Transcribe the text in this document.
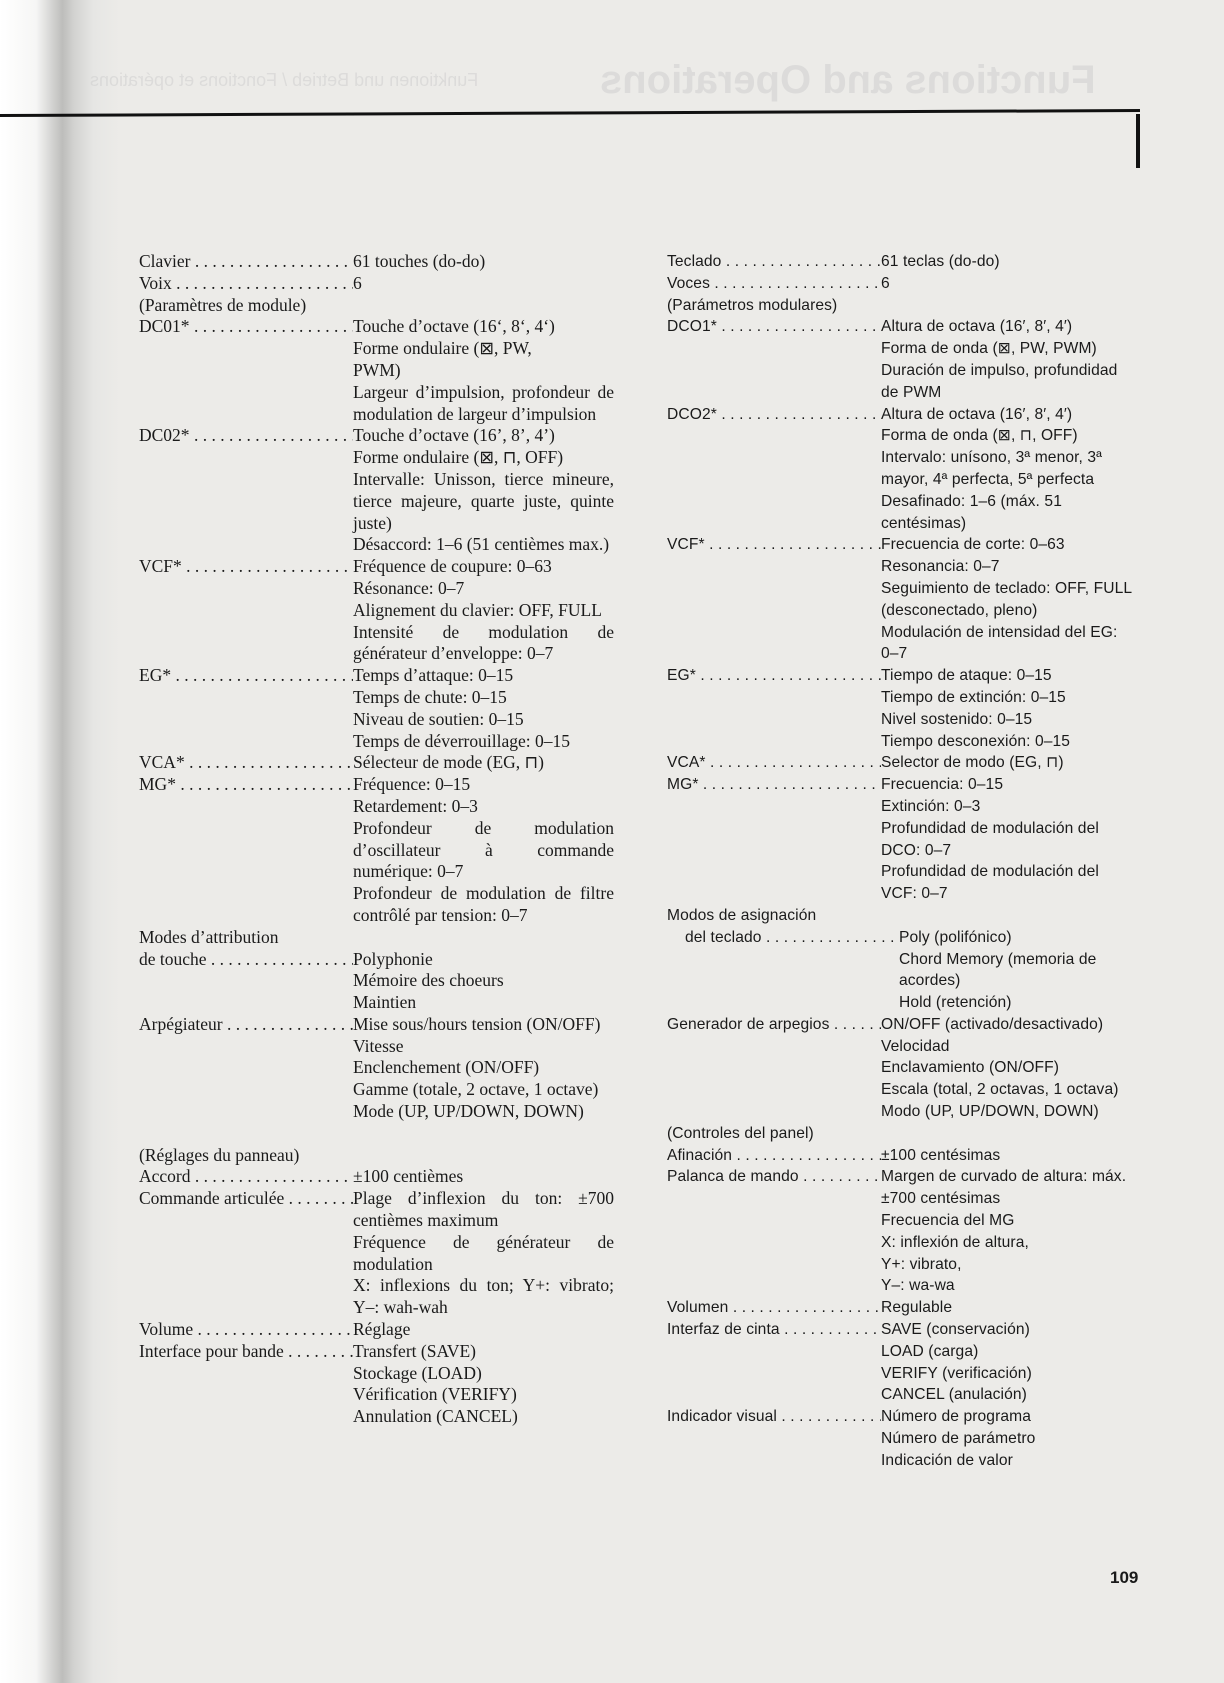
Funktionen und Betrieb / Fonctions et opérations	Functions and Operations
Clavier . . .	61 touches (do-do)
Voix . . .	6
(Paramètres de module)
DC01* . . .	Touche d’octave (16‘, 8‘, 4‘)
Forme ondulaire (⊠, PW,
PWM)
Largeur d’impulsion, profondeur de modulation de largeur d’impulsion
DC02* . . .	Touche d’octave (16’, 8’, 4’)
Forme ondulaire (⊠, ⊓, OFF)
Intervalle: Unisson, tierce mineure, tierce majeure, quarte juste, quinte juste)
Désaccord: 1–6 (51 centièmes max.)
VCF* . . .	Fréquence de coupure: 0–63
Résonance: 0–7
Alignement du clavier: OFF, FULL
Intensité de modulation de générateur d’enveloppe: 0–7
EG* . . .	Temps d’attaque: 0–15
Temps de chute: 0–15
Niveau de soutien: 0–15
Temps de déverrouillage: 0–15
VCA* . . .	Sélecteur de mode (EG, ⊓)
MG* . . .	Fréquence: 0–15
Retardement: 0–3
Profondeur de modulation d’oscillateur à commande numérique: 0–7
Profondeur de modulation de filtre contrôlé par tension: 0–7
Modes d’attribution
de touche . . .	Polyphonie
Mémoire des choeurs
Maintien
Arpégiateur . . .	Mise sous/hours tension (ON/OFF)
Vitesse
Enclenchement (ON/OFF)
Gamme (totale, 2 octave, 1 octave)
Mode (UP, UP/DOWN, DOWN)
(Réglages du panneau)
Accord . . .	±100 centièmes
Commande articulée . . .	Plage d’inflexion du ton: ±700 centièmes maximum
Fréquence de générateur de modulation
X: inflexions du ton; Y+: vibrato; Y–: wah-wah
Volume . . .	Réglage
Interface pour bande . . .	Transfert (SAVE)
Stockage (LOAD)
Vérification (VERIFY)
Annulation (CANCEL)
Teclado . . .	61 teclas (do-do)
Voces . . .	6
(Parámetros modulares)
DCO1* . . .	Altura de octava (16′, 8′, 4′)
Forma de onda (⊠, PW, PWM)
Duración de impulso, profundidad de PWM
DCO2* . . .	Altura de octava (16′, 8′, 4′)
Forma de onda (⊠, ⊓, OFF)
Intervalo: unísono, 3ª menor, 3ª mayor, 4ª perfecta, 5ª perfecta
Desafinado: 1–6 (máx. 51 centésimas)
VCF* . . .	Frecuencia de corte: 0–63
Resonancia: 0–7
Seguimiento de teclado: OFF, FULL (desconectado, pleno)
Modulación de intensidad del EG: 0–7
EG* . . .	Tiempo de ataque: 0–15
Tiempo de extinción: 0–15
Nivel sostenido: 0–15
Tiempo desconexión: 0–15
VCA* . . .	Selector de modo (EG, ⊓)
MG* . . .	Frecuencia: 0–15
Extinción: 0–3
Profundidad de modulación del DCO: 0–7
Profundidad de modulación del VCF: 0–7
Modos de asignación
del teclado . . .	Poly (polifónico)
Chord Memory (memoria de acordes)
Hold (retención)
Generador de arpegios . . .	ON/OFF (activado/desactivado)
Velocidad
Enclavamiento (ON/OFF)
Escala (total, 2 octavas, 1 octava)
Modo (UP, UP/DOWN, DOWN)
(Controles del panel)
Afinación . . .	±100 centésimas
Palanca de mando . . .	Margen de curvado de altura: máx. ±700 centésimas
Frecuencia del MG
X: inflexión de altura,
Y+: vibrato,
Y–: wa-wa
Volumen . . .	Regulable
Interfaz de cinta . . .	SAVE (conservación)
LOAD (carga)
VERIFY (verificación)
CANCEL (anulación)
Indicador visual . . .	Número de programa
Número de parámetro
Indicación de valor
109
